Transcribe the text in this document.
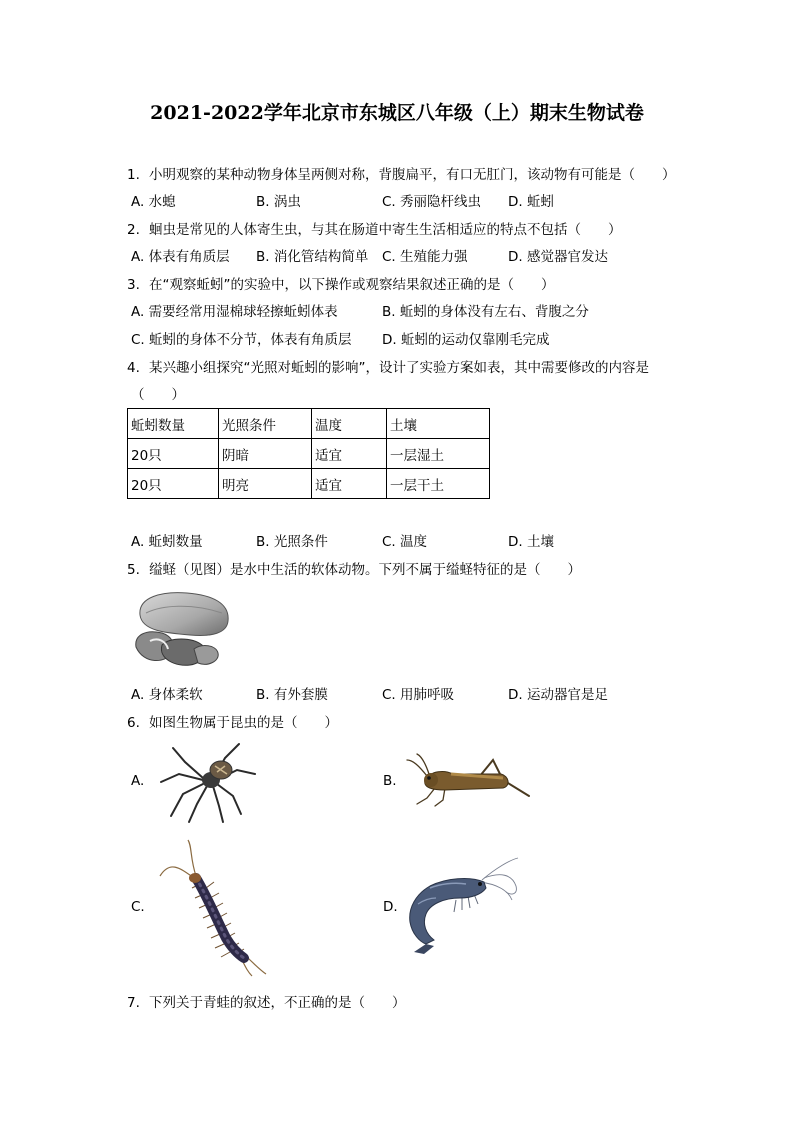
2021-2022学年北京市东城区八年级（上）期末生物试卷
1. 小明观察的某种动物身体呈两侧对称，背腹扁平，有口无肛门，该动物有可能是（　　）
A. 水螅	B. 涡虫	C. 秀丽隐杆线虫 D. 蚯蚓
2. 蛔虫是常见的人体寄生虫，与其在肠道中寄生生活相适应的特点不包括（　　）
A. 体表有角质层 B. 消化管结构简单 C. 生殖能力强	D. 感觉器官发达
3. 在“观察蚯蚓”的实验中，以下操作或观察结果叙述正确的是（　　）
A. 需要经常用湿棉球轻擦蚯蚓体表	B. 蚯蚓的身体没有左右、背腹之分
C. 蚯蚓的身体不分节，体表有角质层 D. 蚯蚓的运动仅靠刚毛完成
4. 某兴趣小组探究“光照对蚯蚓的影响”，设计了实验方案如表，其中需要修改的内容是
（　　）
蚯蚓数量	光照条件	温度	土壤
20只	阴暗	适宜	一层湿土
20只	明亮	适宜	一层干土
A. 蚯蚓数量	B. 光照条件	C. 温度	D. 土壤
5. 缢蛏（见图）是水中生活的软体动物。下列不属于缢蛏特征的是（　　）
A. 身体柔软	B. 有外套膜	C. 用肺呼吸	D. 运动器官是足
6. 如图生物属于昆虫的是（　　）
A.	B.
C.	D.
7. 下列关于青蛙的叙述，不正确的是（　　）
